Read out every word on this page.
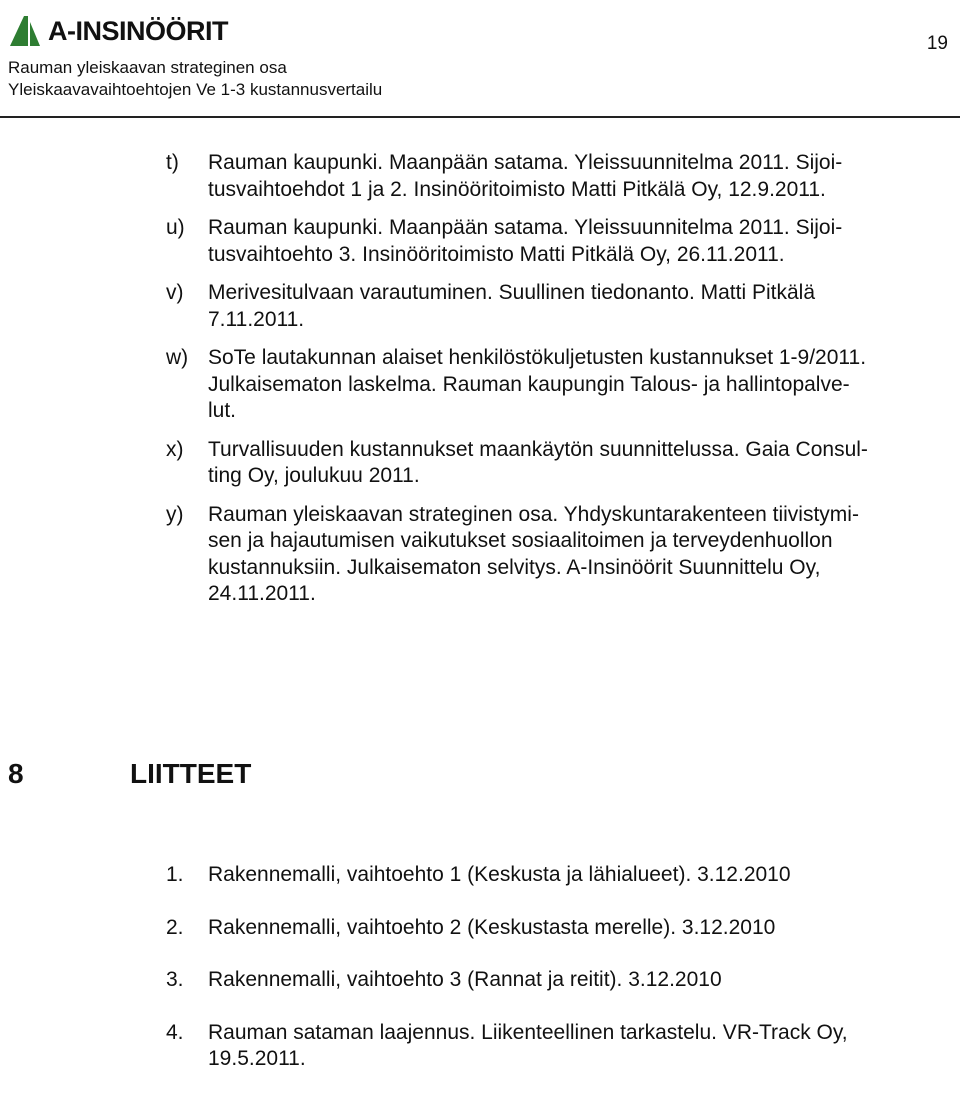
A-INSINÖÖRIT
Rauman yleiskaavan strateginen osa
Yleiskaavavaihtoehtojen Ve 1-3 kustannusvertailu
19
t) Rauman kaupunki. Maanpään satama. Yleissuunnitelma 2011. Sijoi-
tusvaihtoehdot 1 ja 2. Insinööritoimisto Matti Pitkälä Oy, 12.9.2011.
u) Rauman kaupunki. Maanpään satama. Yleissuunnitelma 2011. Sijoi-
tusvaihtoehto 3. Insinööritoimisto Matti Pitkälä Oy, 26.11.2011.
v) Merivesitulvaan varautuminen. Suullinen tiedonanto. Matti Pitkälä
7.11.2011.
w) SoTe lautakunnan alaiset henkilöstökuljetusten kustannukset 1-9/2011.
Julkaisematon laskelma. Rauman kaupungin Talous- ja hallintopalve-
lut.
x) Turvallisuuden kustannukset maankäytön suunnittelussa. Gaia Consul-
ting Oy, joulukuu 2011.
y) Rauman yleiskaavan strateginen osa. Yhdyskuntarakenteen tiivistymi-
sen ja hajautumisen vaikutukset sosiaalitoimen ja terveydenhuollon
kustannuksiin. Julkaisematon selvitys. A-Insinöörit Suunnittelu Oy,
24.11.2011.
8	LIITTEET
1. Rakennemalli, vaihtoehto 1 (Keskusta ja lähialueet). 3.12.2010
2. Rakennemalli, vaihtoehto 2 (Keskustasta merelle). 3.12.2010
3. Rakennemalli, vaihtoehto 3 (Rannat ja reitit). 3.12.2010
4. Rauman sataman laajennus. Liikenteellinen tarkastelu. VR-Track Oy,
19.5.2011.
